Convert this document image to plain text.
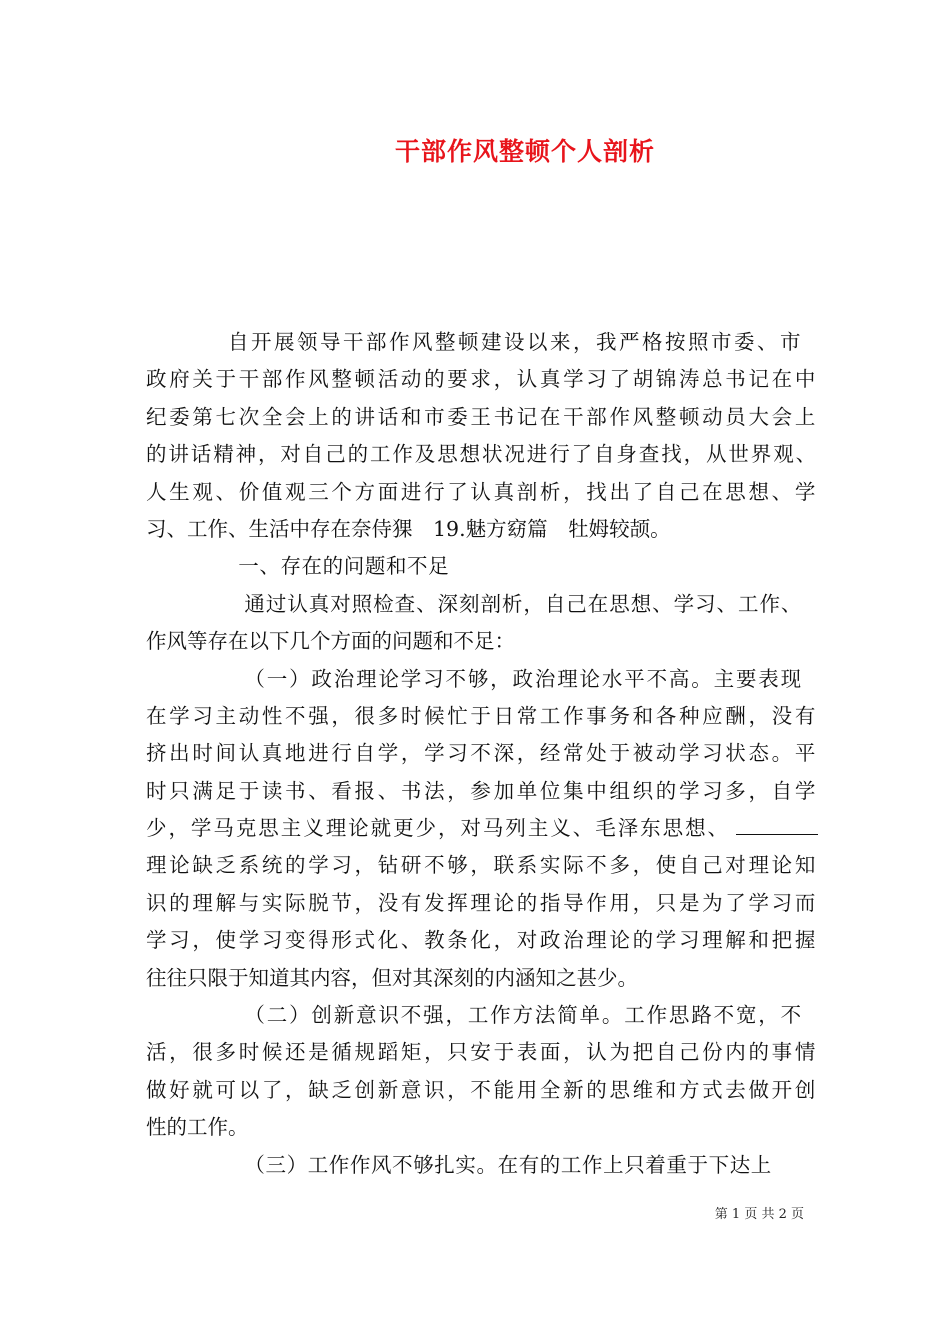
干部作风整顿个人剖析
自开展领导干部作风整顿建设以来，我严格按照市委、市
政府关于干部作风整顿活动的要求，认真学习了胡锦涛总书记在中
纪委第七次全会上的讲话和市委王书记在干部作风整顿动员大会上
的讲话精神，对自己的工作及思想状况进行了自身查找，从世界观、
人生观、价值观三个方面进行了认真剖析，找出了自己在思想、学
习、工作、生活中存在奈侍猓　19.魅方窈篇　牡姆较颉。
一、存在的问题和不足
通过认真对照检查、深刻剖析，自己在思想、学习、工作、
作风等存在以下几个方面的问题和不足：
（一）政治理论学习不够，政治理论水平不高。主要表现
在学习主动性不强，很多时候忙于日常工作事务和各种应酬，没有
挤出时间认真地进行自学，学习不深，经常处于被动学习状态。平
时只满足于读书、看报、书法，参加单位集中组织的学习多，自学
少，学马克思主义理论就更少，对马列主义、毛泽东思想、
理论缺乏系统的学习，钻研不够，联系实际不多，使自己对理论知
识的理解与实际脱节，没有发挥理论的指导作用，只是为了学习而
学习，使学习变得形式化、教条化，对政治理论的学习理解和把握
往往只限于知道其内容，但对其深刻的内涵知之甚少。
（二）创新意识不强，工作方法简单。工作思路不宽，不
活，很多时候还是循规蹈矩，只安于表面，认为把自己份内的事情
做好就可以了，缺乏创新意识，不能用全新的思维和方式去做开创
性的工作。
（三）工作作风不够扎实。在有的工作上只着重于下达上
第 1 页 共 2 页
